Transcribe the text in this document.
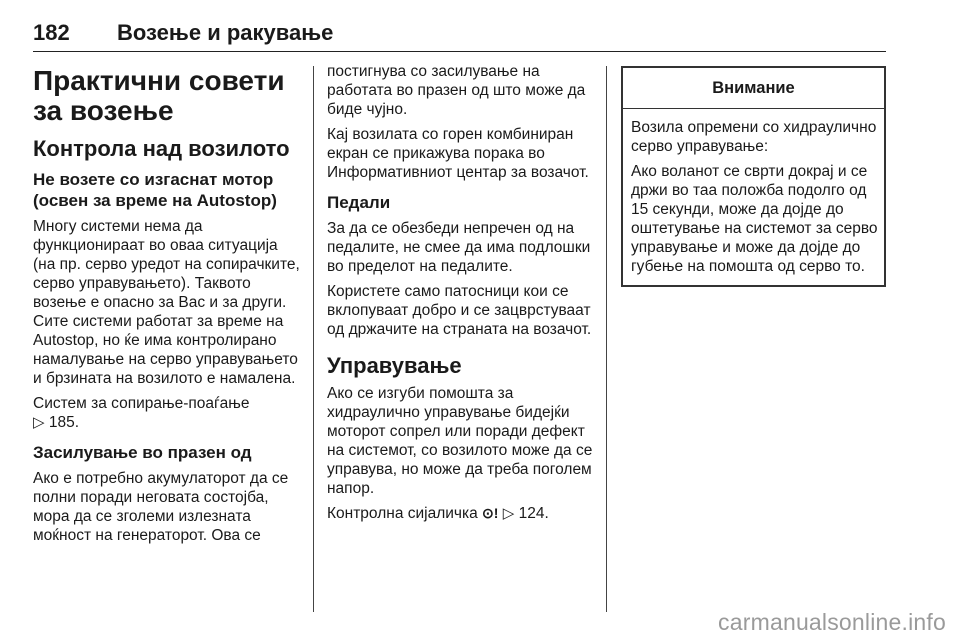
182 Возење и ракување
Практични совети за возење
Контрола над возилото
Не возете со изгаснат мотор (освен за време на Autostop)

Многу системи нема да функционираат во оваа ситуација (на пр. серво уредот на сопирачките, серво управувањето). Таквото возење е опасно за Вас и за други. Сите системи работат за време на Autostop, но ќе има контролирано намалување на серво управувањето и брзината на возилото е намалена.

Систем за сопирање-поаѓање
▷ 185.

Засилување во празен од

Ако е потребно акумулаторот да се полни поради неговата состојба, мора да се зголеми излезната моќност на генераторот. Ова се

постигнува со засилување на работата во празен од што може да биде чујно.

Кај возилата со горен комбиниран екран се прикажува порака во Информативниот центар за возачот.

Педали

За да се обезбеди непречен од на педалите, не смее да има подлошки во пределот на педалите.

Користете само патосници кои се вклопуваат добро и се зацврстуваат од држачите на страната на возачот.

Управување

Ако се изгуби помошта за хидраулично управување бидејќи моторот сопрел или поради дефект на системот, со возилото може да се управува, но може да треба поголем напор.

Контролна сијаличка ⊙! ▷ 124.

Внимание

Возила опремени со хидраулично серво управување:

Ако воланот се сврти докрај и се држи во таа положба подолго од 15 секунди, може да дојде до оштетување на системот за серво управување и може да дојде до губење на помошта од серво то.

carmanualsonline.info
